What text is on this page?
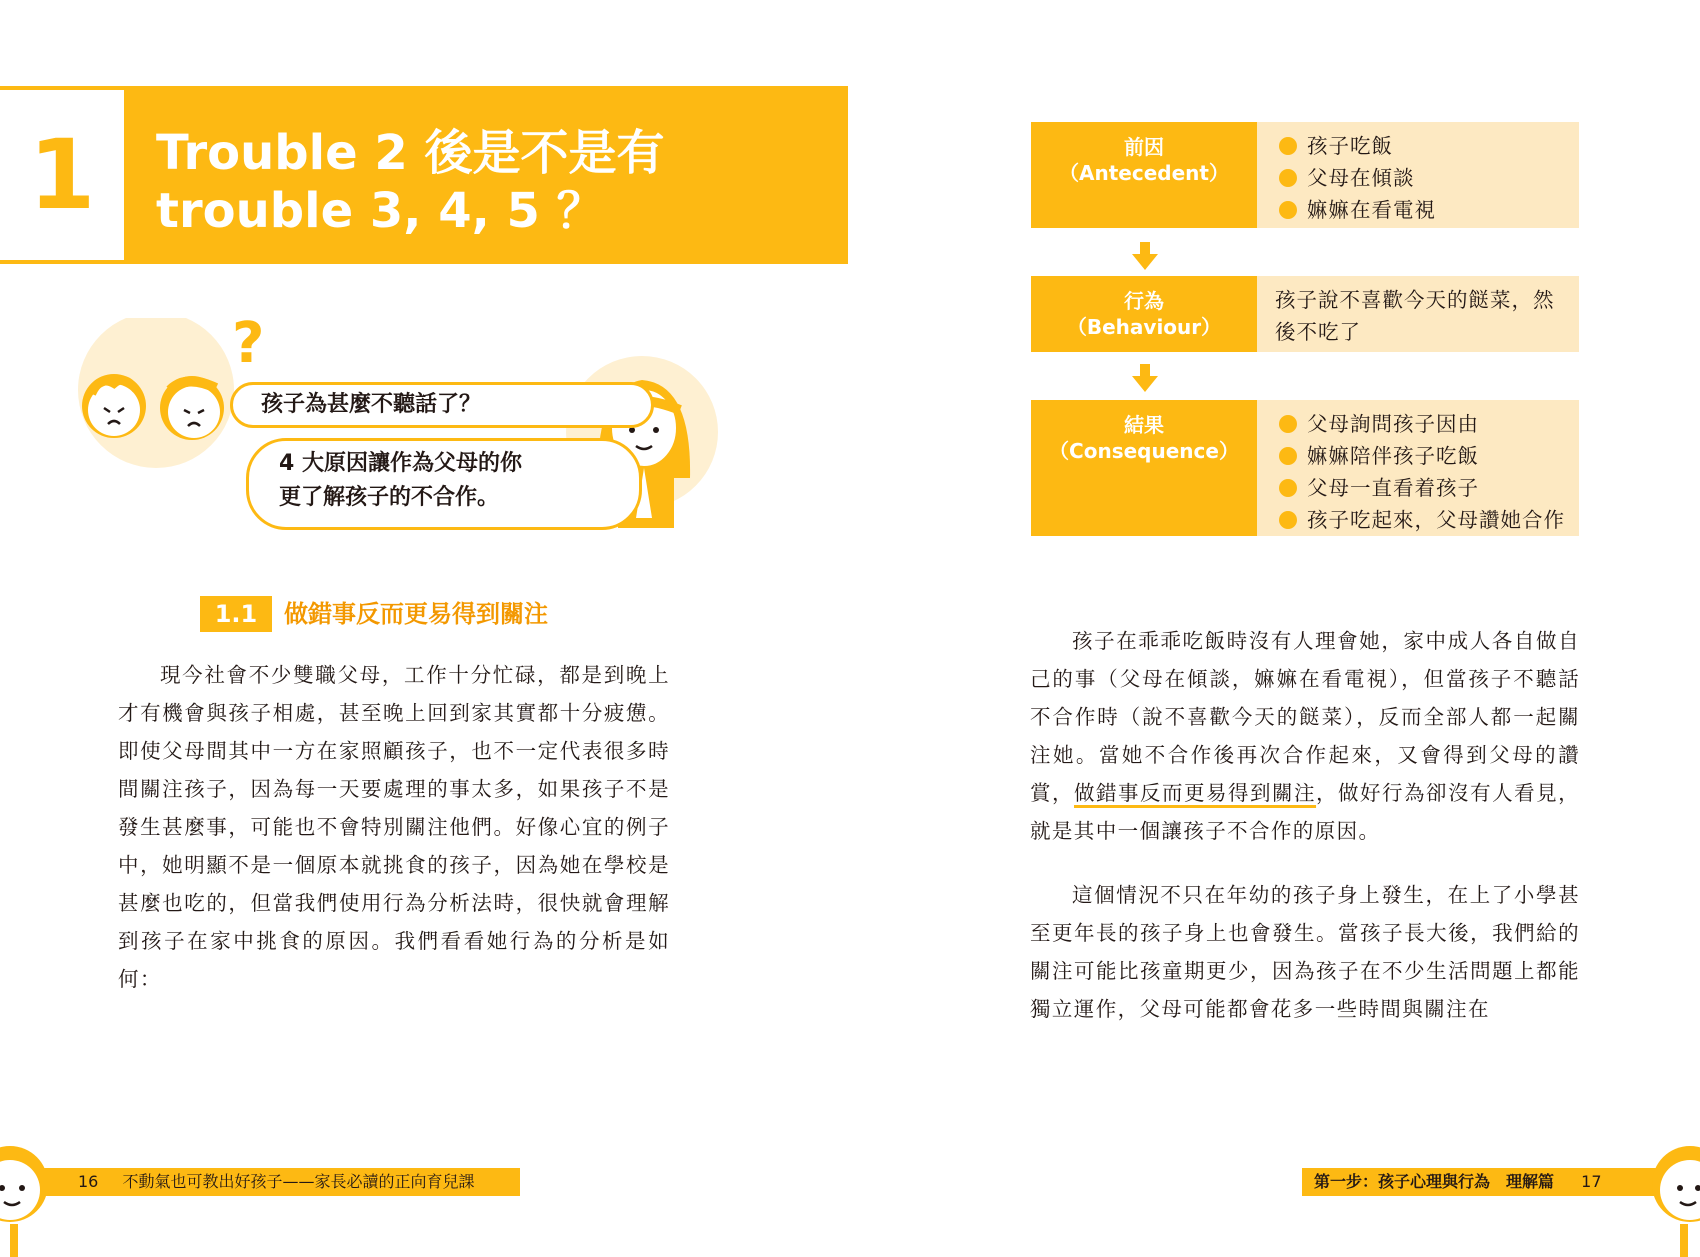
1	Trouble 2 後是不是有
trouble 3, 4, 5 ？
?
孩子為甚麼不聽話了？
4 大原因讓作為父母的你
更了解孩子的不合作。
1.1	做錯事反而更易得到關注
現今社會不少雙職父母，工作十分忙碌，都是到晚上才有機會與孩子相處，甚至晚上回到家其實都十分疲憊。即使父母間其中一方在家照顧孩子，也不一定代表很多時間關注孩子，因為每一天要處理的事太多，如果孩子不是發生甚麼事，可能也不會特別關注他們。好像心宜的例子中，她明顯不是一個原本就挑食的孩子，因為她在學校是甚麼也吃的，但當我們使用行為分析法時，很快就會理解到孩子在家中挑食的原因。我們看看她行為的分析是如何：
16 不動氣也可教出好孩子——家長必讀的正向育兒課
前因
（Antecedent）
孩子吃飯
父母在傾談
嫲嫲在看電視
行為
（Behaviour）
孩子說不喜歡今天的餸菜，然後不吃了
結果
（Consequence）
父母詢問孩子因由
嫲嫲陪伴孩子吃飯
父母一直看着孩子
孩子吃起來，父母讚她合作
孩子在乖乖吃飯時沒有人理會她，家中成人各自做自己的事（父母在傾談，嫲嫲在看電視），但當孩子不聽話不合作時（說不喜歡今天的餸菜），反而全部人都一起關注她。當她不合作後再次合作起來，又會得到父母的讚賞，做錯事反而更易得到關注，做好行為卻沒有人看見，就是其中一個讓孩子不合作的原因。
這個情況不只在年幼的孩子身上發生，在上了小學甚至更年長的孩子身上也會發生。當孩子長大後，我們給的關注可能比孩童期更少，因為孩子在不少生活問題上都能獨立運作，父母可能都會花多一些時間與關注在
第一步：孩子心理與行為　理解篇 17
